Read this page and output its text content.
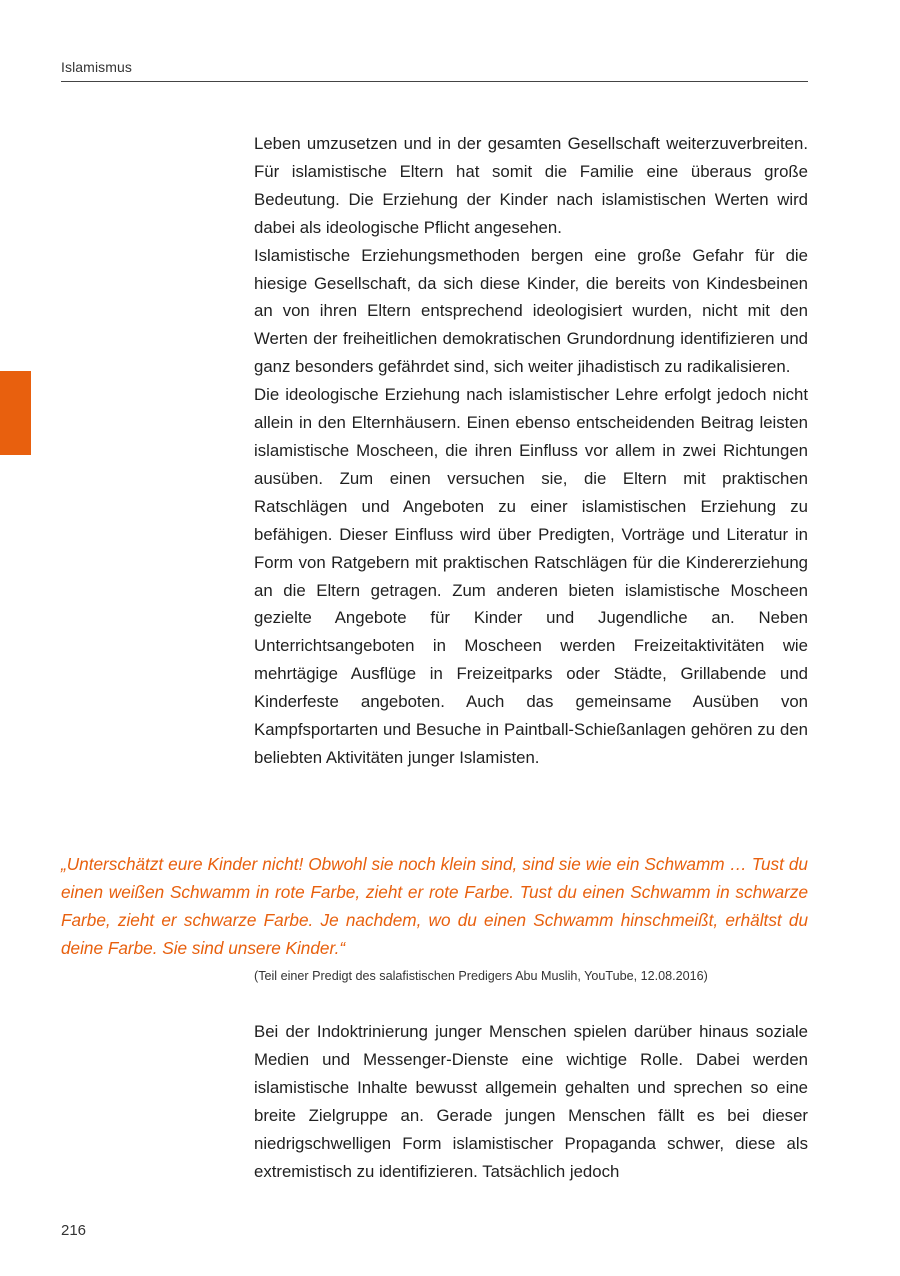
Islamismus

Leben umzusetzen und in der gesamten Gesellschaft weiterzuverbreiten. Für islamistische Eltern hat somit die Familie eine überaus große Bedeutung. Die Erziehung der Kinder nach islamistischen Werten wird dabei als ideologische Pflicht angesehen.

Islamistische Erziehungsmethoden bergen eine große Gefahr für die hiesige Gesellschaft, da sich diese Kinder, die bereits von Kindesbeinen an von ihren Eltern entsprechend ideologisiert wurden, nicht mit den Werten der freiheitlichen demokratischen Grundordnung identifizieren und ganz besonders gefährdet sind, sich weiter jihadistisch zu radikalisieren.

Die ideologische Erziehung nach islamistischer Lehre erfolgt jedoch nicht allein in den Elternhäusern. Einen ebenso entscheidenden Beitrag leisten islamistische Moscheen, die ihren Einfluss vor allem in zwei Richtungen ausüben. Zum einen versuchen sie, die Eltern mit praktischen Ratschlägen und Angeboten zu einer islamistischen Erziehung zu befähigen. Dieser Einfluss wird über Predigten, Vorträge und Literatur in Form von Ratgebern mit praktischen Ratschlägen für die Kindererziehung an die Eltern getragen. Zum anderen bieten islamistische Moscheen gezielte Angebote für Kinder und Jugendliche an. Neben Unterrichtsangeboten in Moscheen werden Freizeitaktivitäten wie mehrtägige Ausflüge in Freizeitparks oder Städte, Grillabende und Kinderfeste angeboten. Auch das gemeinsame Ausüben von Kampfsportarten und Besuche in Paintball-Schießanlagen gehören zu den beliebten Aktivitäten junger Islamisten.

„Unterschätzt eure Kinder nicht! Obwohl sie noch klein sind, sind sie wie ein Schwamm … Tust du einen weißen Schwamm in rote Farbe, zieht er rote Farbe. Tust du einen Schwamm in schwarze Farbe, zieht er schwarze Farbe. Je nachdem, wo du einen Schwamm hinschmeißt, erhältst du deine Farbe. Sie sind unsere Kinder.“

(Teil einer Predigt des salafistischen Predigers Abu Muslih, YouTube, 12.08.2016)

Bei der Indoktrinierung junger Menschen spielen darüber hinaus soziale Medien und Messenger-Dienste eine wichtige Rolle. Dabei werden islamistische Inhalte bewusst allgemein gehalten und sprechen so eine breite Zielgruppe an. Gerade jungen Menschen fällt es bei dieser niedrigschwelligen Form islamistischer Propaganda schwer, diese als extremistisch zu identifizieren. Tatsächlich jedoch

216
